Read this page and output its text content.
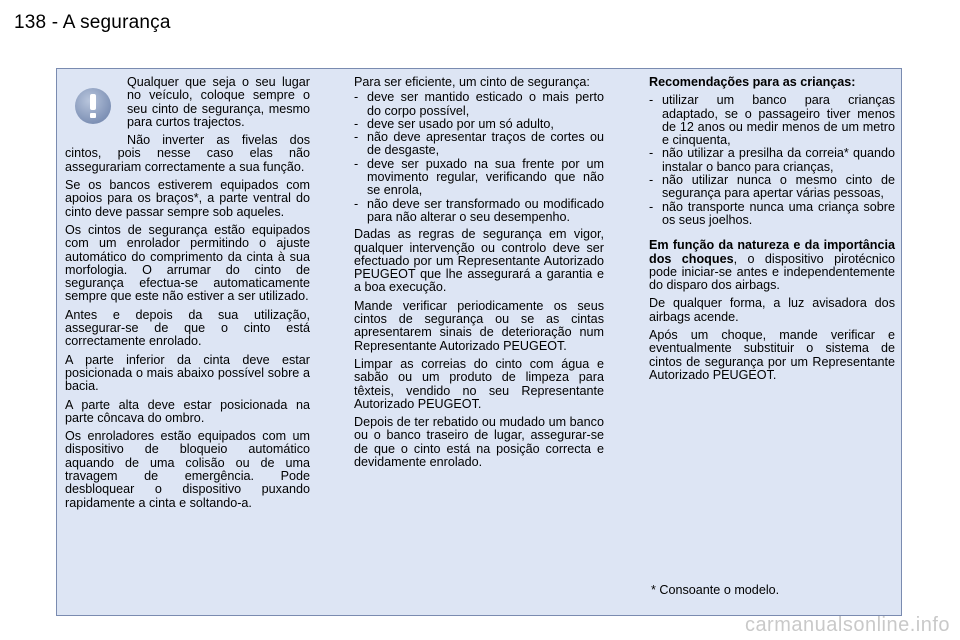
138 - A segurança

Qualquer que seja o seu lugar no veículo, coloque sempre o seu cinto de segurança, mesmo para curtos trajectos.

Não inverter as fivelas dos cintos, pois nesse caso elas não assegurariam correctamente a sua função.

Se os bancos estiverem equipados com apoios para os braços*, a parte ventral do cinto deve passar sempre sob aqueles.

Os cintos de segurança estão equipados com um enrolador permitindo o ajuste automático do comprimento da cinta à sua morfologia. O arrumar do cinto de segurança efectua-se automaticamente sempre que este não estiver a ser utilizado.

Antes e depois da sua utilização, assegurar-se de que o cinto está correctamente enrolado.

A parte inferior da cinta deve estar posicionada o mais abaixo possível sobre a bacia.

A parte alta deve estar posicionada na parte côncava do ombro.

Os enroladores estão equipados com um dispositivo de bloqueio automático aquando de uma colisão ou de uma travagem de emergência. Pode desbloquear o dispositivo puxando rapidamente a cinta e soltando-a.

Para ser eficiente, um cinto de segurança:

- deve ser mantido esticado o mais perto do corpo possível,
- deve ser usado por um só adulto,
- não deve apresentar traços de cortes ou de desgaste,
- deve ser puxado na sua frente por um movimento regular, verificando que não se enrola,
- não deve ser transformado ou modificado para não alterar o seu desempenho.

Dadas as regras de segurança em vigor, qualquer intervenção ou controlo deve ser efectuado por um Representante Autorizado PEUGEOT que lhe assegurará a garantia e a boa execução.

Mande verificar periodicamente os seus cintos de segurança ou se as cintas apresentarem sinais de deterioração num Representante Autorizado PEUGEOT.

Limpar as correias do cinto com água e sabão ou um produto de limpeza para têxteis, vendido no seu Representante Autorizado PEUGEOT.

Depois de ter rebatido ou mudado um banco ou o banco traseiro de lugar, assegurar-se de que o cinto está na posição correcta e devidamente enrolado.

Recomendações para as crianças:

- utilizar um banco para crianças adaptado, se o passageiro tiver menos de 12 anos ou medir menos de um metro e cinquenta,
- não utilizar a presilha da correia* quando instalar o banco para crianças,
- não utilizar nunca o mesmo cinto de segurança para apertar várias pessoas,
- não transporte nunca uma criança sobre os seus joelhos.

Em função da natureza e da importância dos choques, o dispositivo pirotécnico pode iniciar-se antes e independentemente do disparo dos airbags.

De qualquer forma, a luz avisadora dos airbags acende.

Após um choque, mande verificar e eventualmente substituir o sistema de cintos de segurança por um Representante Autorizado PEUGEOT.

* Consoante o modelo.
carmanualsonline.info
